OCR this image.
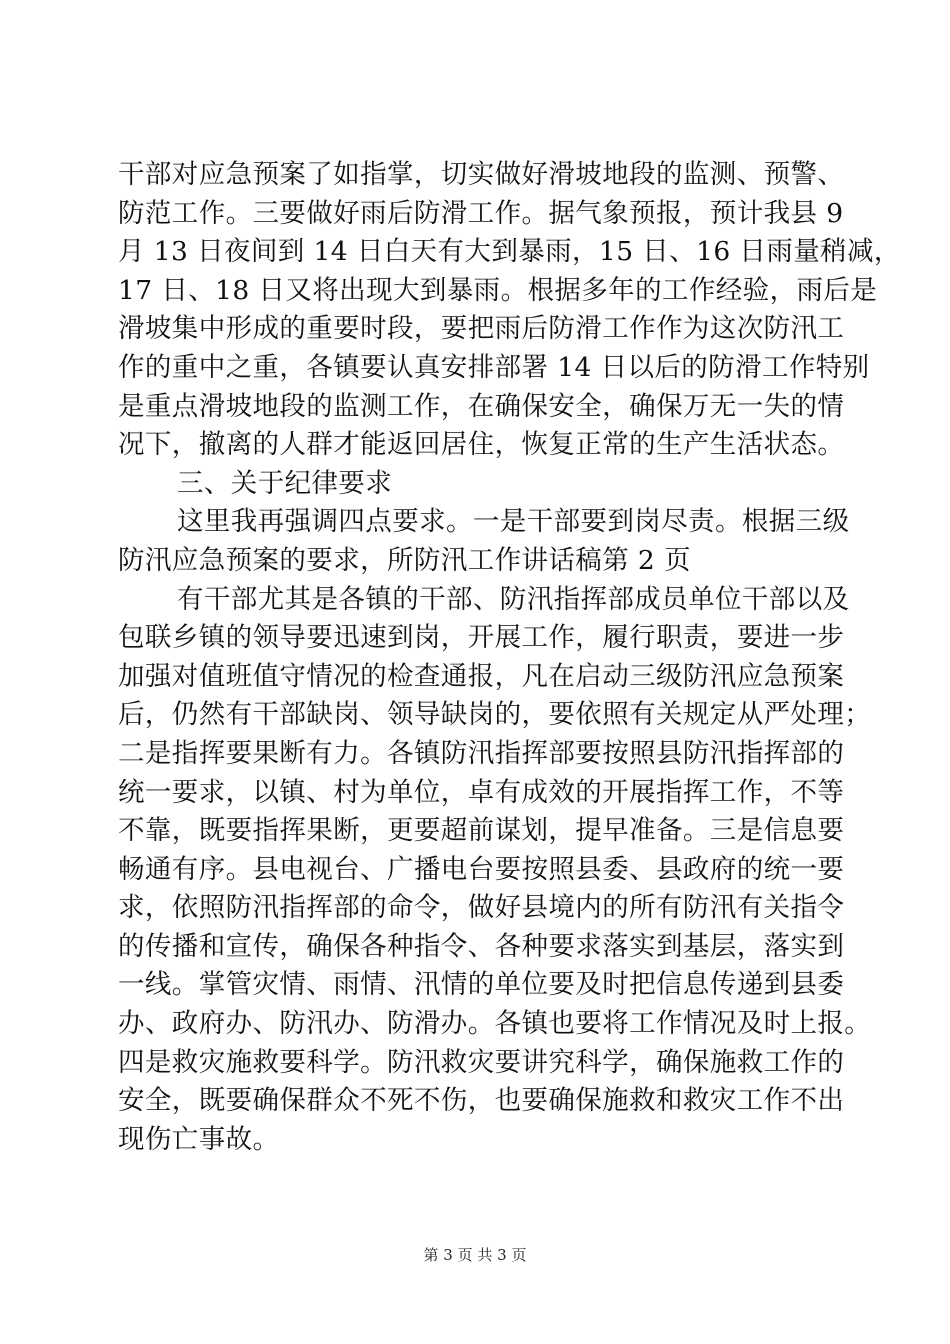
干部对应急预案了如指掌，切实做好滑坡地段的监测、预警、
防范工作。三要做好雨后防滑工作。据气象预报，预计我县 9
月 13 日夜间到 14 日白天有大到暴雨，15 日、16 日雨量稍减，
17 日、18 日又将出现大到暴雨。根据多年的工作经验，雨后是
滑坡集中形成的重要时段，要把雨后防滑工作作为这次防汛工
作的重中之重，各镇要认真安排部署 14 日以后的防滑工作特别
是重点滑坡地段的监测工作，在确保安全，确保万无一失的情
况下，撤离的人群才能返回居住，恢复正常的生产生活状态。
三、关于纪律要求
这里我再强调四点要求。一是干部要到岗尽责。根据三级
防汛应急预案的要求，所防汛工作讲话稿第 2 页
有干部尤其是各镇的干部、防汛指挥部成员单位干部以及
包联乡镇的领导要迅速到岗，开展工作，履行职责，要进一步
加强对值班值守情况的检查通报，凡在启动三级防汛应急预案
后，仍然有干部缺岗、领导缺岗的，要依照有关规定从严处理；
二是指挥要果断有力。各镇防汛指挥部要按照县防汛指挥部的
统一要求，以镇、村为单位，卓有成效的开展指挥工作，不等
不靠，既要指挥果断，更要超前谋划，提早准备。三是信息要
畅通有序。县电视台、广播电台要按照县委、县政府的统一要
求，依照防汛指挥部的命令，做好县境内的所有防汛有关指令
的传播和宣传，确保各种指令、各种要求落实到基层，落实到
一线。掌管灾情、雨情、汛情的单位要及时把信息传递到县委
办、政府办、防汛办、防滑办。各镇也要将工作情况及时上报。
四是救灾施救要科学。防汛救灾要讲究科学，确保施救工作的
安全，既要确保群众不死不伤，也要确保施救和救灾工作不出
现伤亡事故。
第 3 页 共 3 页
